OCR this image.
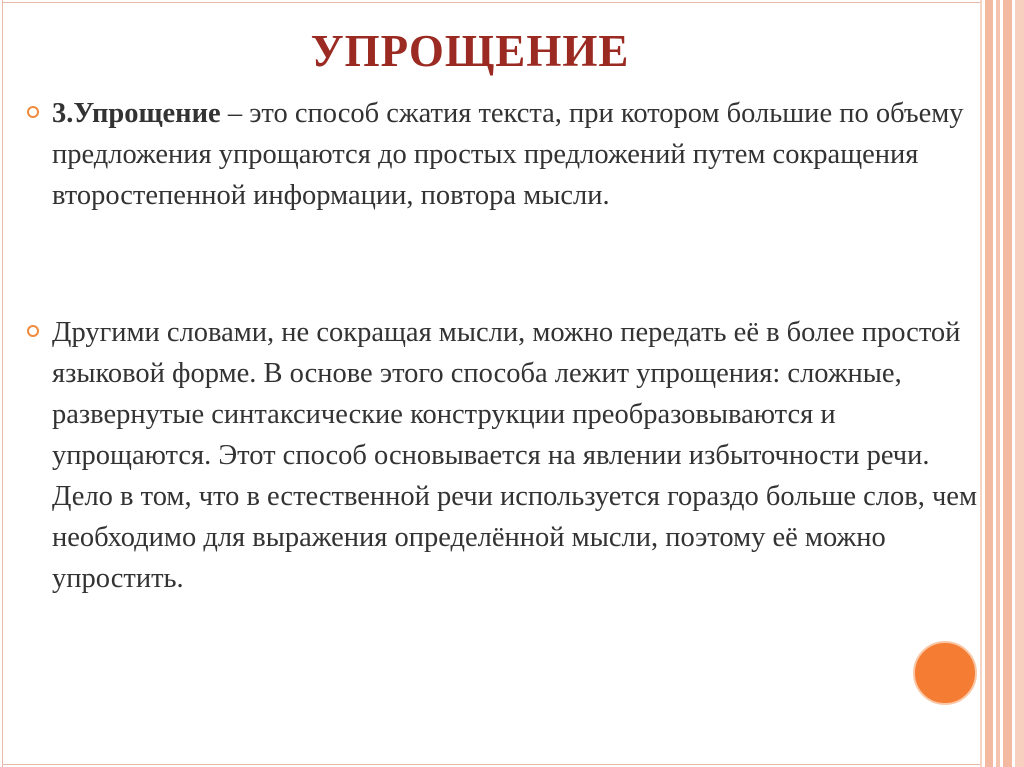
УПРОЩЕНИЕ
3.Упрощение – это способ сжатия текста, при котором большие по объему предложения упрощаются до простых предложений путем сокращения второстепенной информации, повтора мысли.
Другими словами, не сокращая мысли, можно передать её в более простой языковой форме. В основе этого способа лежит упрощения: сложные, развернутые синтаксические конструкции преобразовываются и упрощаются. Этот способ основывается на явлении избыточности речи. Дело в том, что в естественной речи используется гораздо больше слов, чем необходимо для выражения определённой мысли, поэтому её можно упростить.
